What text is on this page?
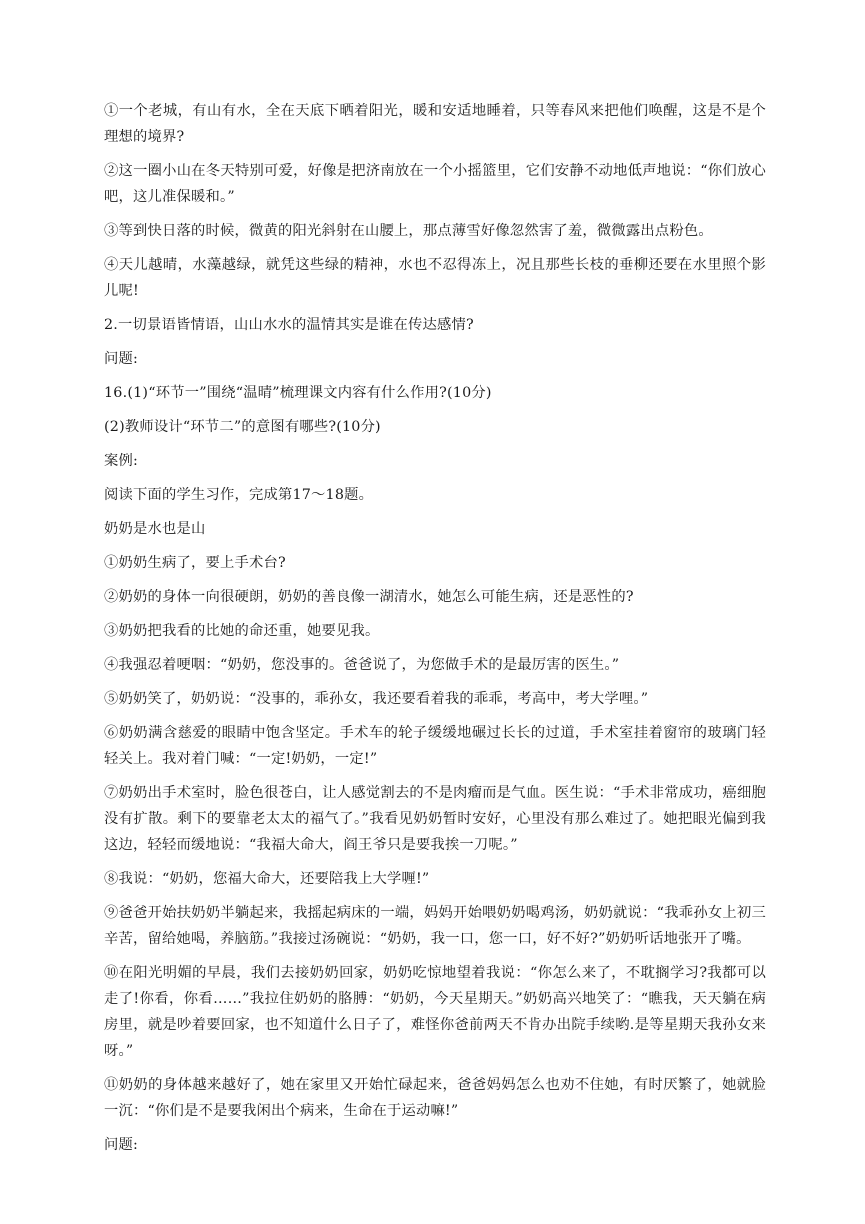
①一个老城，有山有水，全在天底下晒着阳光，暖和安适地睡着，只等春风来把他们唤醒，这是不是个理想的境界?

②这一圈小山在冬天特别可爱，好像是把济南放在一个小摇篮里，它们安静不动地低声地说：“你们放心吧，这儿准保暖和。”

③等到快日落的时候，微黄的阳光斜射在山腰上，那点薄雪好像忽然害了羞，微微露出点粉色。

④天儿越晴，水藻越绿，就凭这些绿的精神，水也不忍得冻上，况且那些长枝的垂柳还要在水里照个影儿呢!

2.一切景语皆情语，山山水水的温情其实是谁在传达感情?

问题:

16.(1)“环节一”围绕“温晴”梳理课文内容有什么作用?(10分)

(2)教师设计“环节二”的意图有哪些?(10分)

案例:

阅读下面的学生习作，完成第17～18题。

奶奶是水也是山

①奶奶生病了，要上手术台?

②奶奶的身体一向很硬朗，奶奶的善良像一湖清水，她怎么可能生病，还是恶性的?

③奶奶把我看的比她的命还重，她要见我。

④我强忍着哽咽：“奶奶，您没事的。爸爸说了，为您做手术的是最厉害的医生。”

⑤奶奶笑了，奶奶说：“没事的，乖孙女，我还要看着我的乖乖，考高中，考大学哩。”

⑥奶奶满含慈爱的眼睛中饱含坚定。手术车的轮子缓缓地碾过长长的过道，手术室挂着窗帘的玻璃门轻轻关上。我对着门喊：“一定!奶奶，一定!”

⑦奶奶出手术室时，脸色很苍白，让人感觉割去的不是肉瘤而是气血。医生说：“手术非常成功，癌细胞没有扩散。剩下的要靠老太太的福气了。”我看见奶奶暂时安好，心里没有那么难过了。她把眼光偏到我这边，轻轻而缓地说：“我福大命大，阎王爷只是要我挨一刀呢。”

⑧我说：“奶奶，您福大命大，还要陪我上大学喱!”

⑨爸爸开始扶奶奶半躺起来，我摇起病床的一端，妈妈开始喂奶奶喝鸡汤，奶奶就说：“我乖孙女上初三辛苦，留给她喝，养脑筋。”我接过汤碗说：“奶奶，我一口，您一口，好不好?”奶奶听话地张开了嘴。

⑩在阳光明媚的早晨，我们去接奶奶回家，奶奶吃惊地望着我说：“你怎么来了，不耽搁学习?我都可以走了!你看，你看……”我拉住奶奶的胳膊：“奶奶，今天星期天。”奶奶高兴地笑了：“瞧我，天天躺在病房里，就是吵着要回家，也不知道什么日子了，难怪你爸前两天不肯办出院手续哟.是等星期天我孙女来呀。”

⑪奶奶的身体越来越好了，她在家里又开始忙碌起来，爸爸妈妈怎么也劝不住她，有时厌繁了，她就脸一沉：“你们是不是要我闲出个病来，生命在于运动嘛!”

问题:
